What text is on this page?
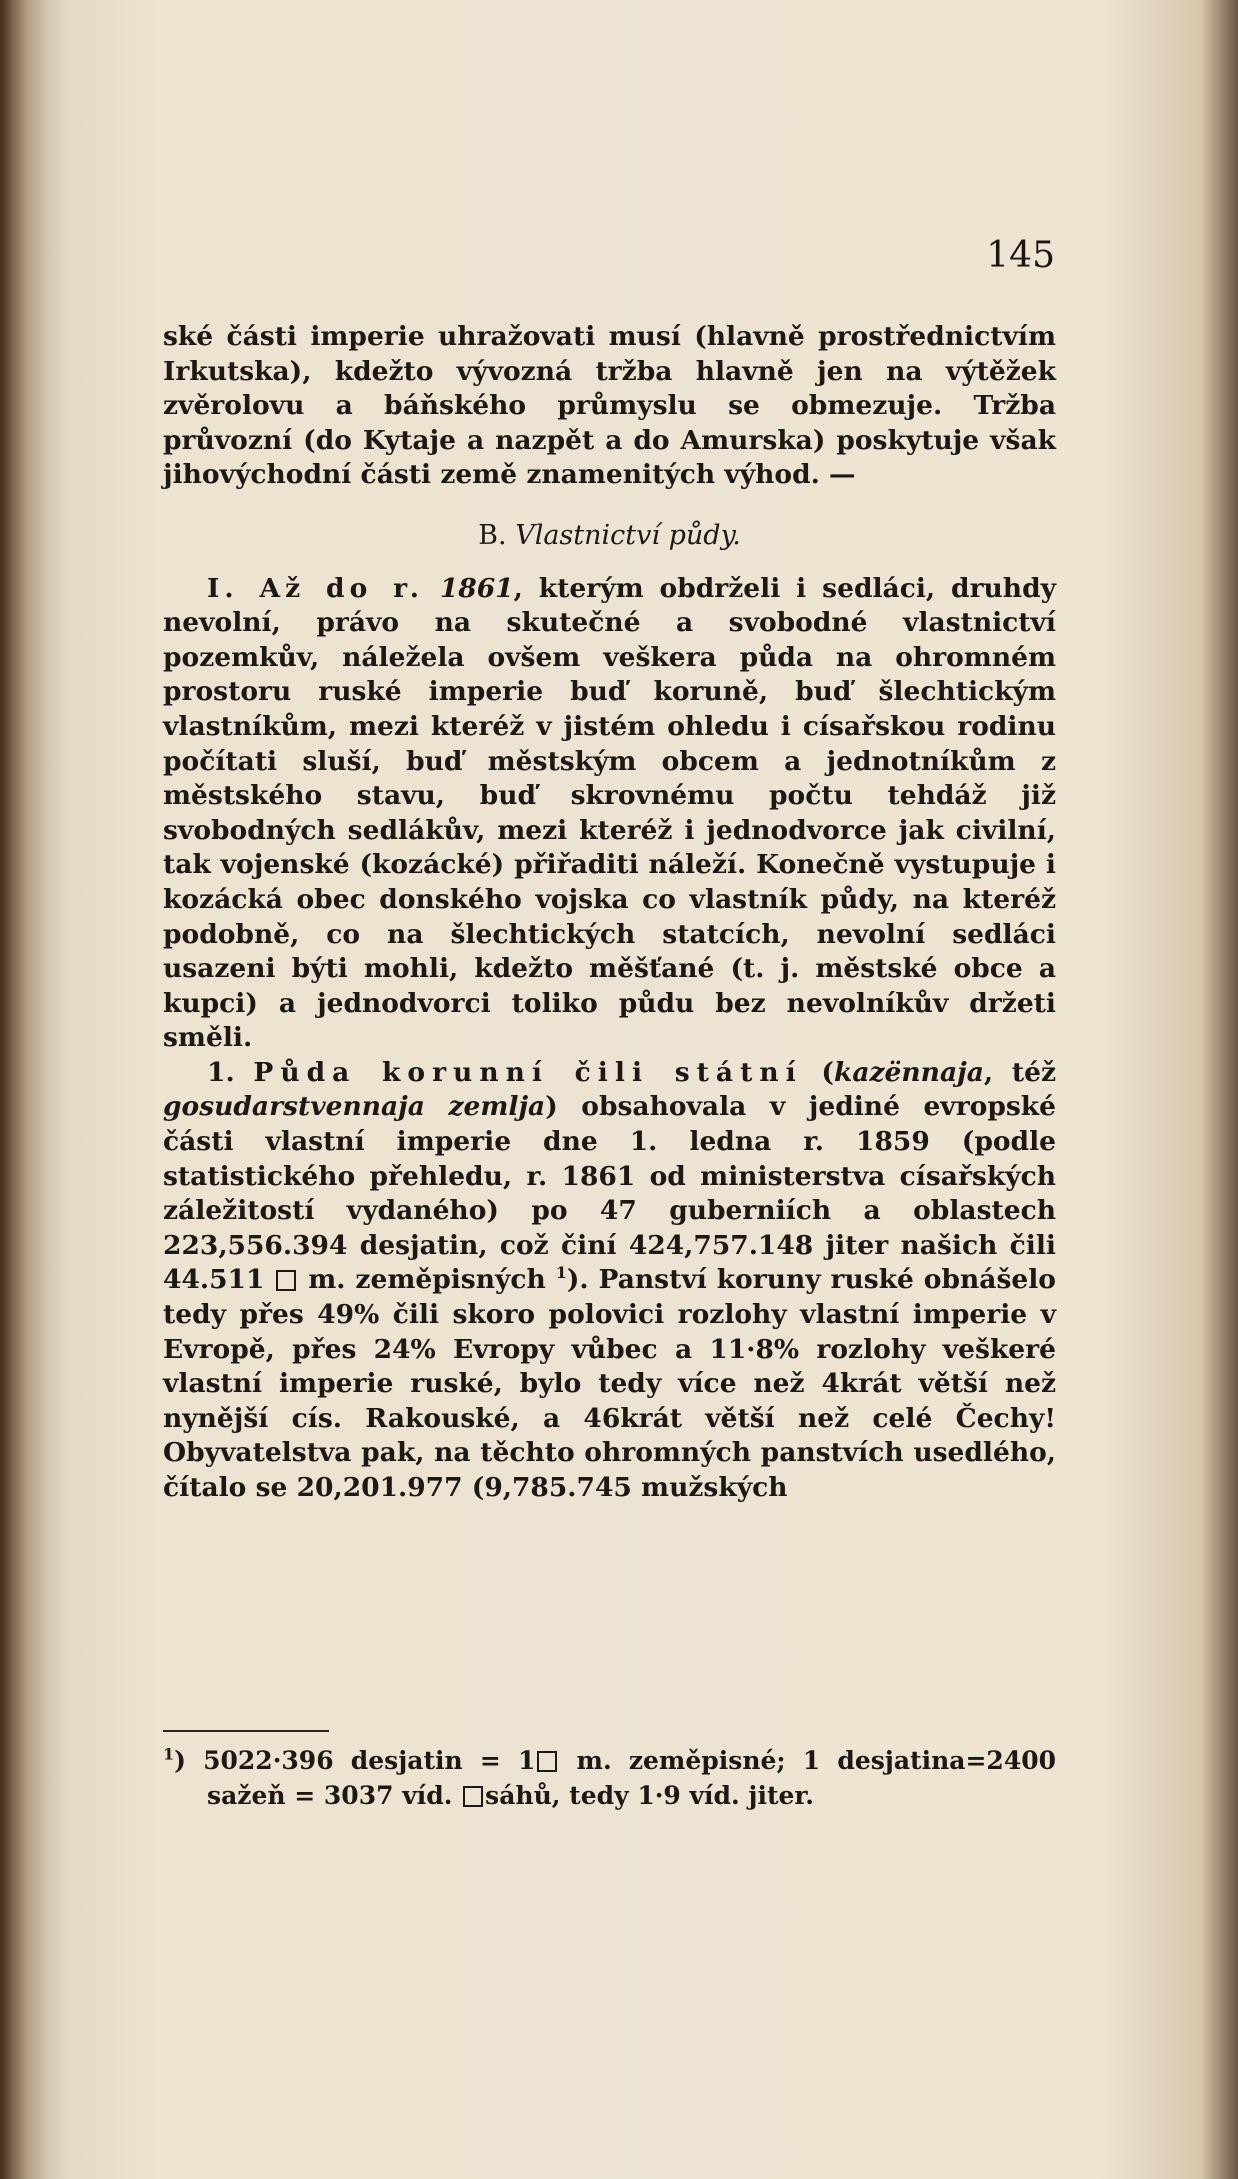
145

ské části imperie uhražovati musí (hlavně prostřednictvím Irkutska), kdežto vývozná tržba hlavně jen na výtěžek zvěrolovu a báňského průmyslu se obmezuje. Tržba průvozní (do Kytaje a nazpět a do Amurska) poskytuje však jihovýchodní části země znamenitých výhod. —

B. Vlastnictví půdy.

I. Až do r. 1861, kterým obdrželi i sedláci, druhdy nevolní, právo na skutečné a svobodné vlastnictví pozemkův, náležela ovšem veškera půda na ohromném prostoru ruské imperie buď koruně, buď šlechtickým vlastníkům, mezi kteréž v jistém ohledu i císařskou rodinu počítati sluší, buď městským obcem a jednotníkům z městského stavu, buď skrovnému počtu tehdáž již svobodných sedlákův, mezi kteréž i jednodvorce jak civilní, tak vojenské (kozácké) přiřaditi náleží. Konečně vystupuje i kozácká obec donského vojska co vlastník půdy, na kteréž podobně, co na šlechtických statcích, nevolní sedláci usazeni býti mohli, kdežto měšťané (t. j. městské obce a kupci) a jednodvorci toliko půdu bez nevolníkův držeti směli.

1. Půda korunní čili státní (kazënnaja, též gosudarstvennaja zemlja) obsahovala v jediné evropské části vlastní imperie dne 1. ledna r. 1859 (podle statistického přehledu, r. 1861 od ministerstva císařských záležitostí vydaného) po 47 guberniích a oblastech 223,556.394 desjatin, což činí 424,757.148 jiter našich čili 44.511  m. zeměpisných $^1$). Panství koruny ruské obnášelo tedy přes 49% čili skoro polovici rozlohy vlastní imperie v Evropě, přes 24% Evropy vůbec a 11·8% rozlohy veškeré vlastní imperie ruské, bylo tedy více než 4krát větší než nynější cís. Rakouské, a 46krát větší než celé Čechy! Obyvatelstva pak, na těchto ohromných panstvích usedlého, čítalo se 20,201.977 (9,785.745 mužských

$^1$) 5022·396 desjatin = 1 m. zeměpisné; 1 desjatina=2400 sažeň = 3037 víd. sáhů, tedy 1·9 víd. jiter.
